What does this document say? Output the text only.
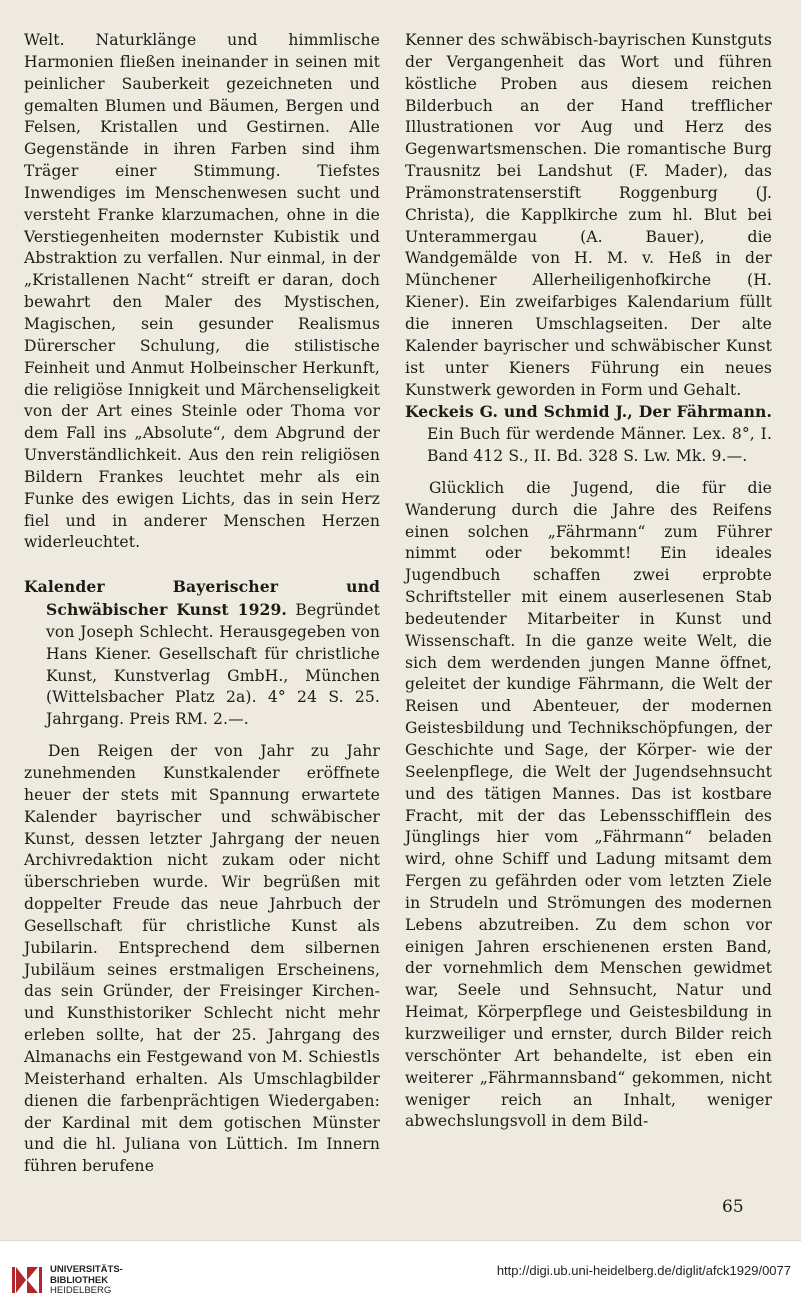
Welt. Naturklänge und himmlische Harmonien fließen ineinander in seinen mit peinlicher Sauberkeit gezeichneten und gemalten Blumen und Bäumen, Bergen und Felsen, Kristallen und Gestirnen. Alle Gegenstände in ihren Farben sind ihm Träger einer Stimmung. Tiefstes Inwendiges im Menschenwesen sucht und versteht Franke klarzumachen, ohne in die Verstiegenheiten modernster Kubistik und Abstraktion zu verfallen. Nur einmal, in der „Kristallenen Nacht“ streift er daran, doch bewahrt den Maler des Mystischen, Magischen, sein gesunder Realismus Dürerscher Schulung, die stilistische Feinheit und Anmut Holbeinscher Herkunft, die religiöse Innigkeit und Märchenseligkeit von der Art eines Steinle oder Thoma vor dem Fall ins „Absolute“, dem Abgrund der Unverständlichkeit. Aus den rein religiösen Bildern Frankes leuchtet mehr als ein Funke des ewigen Lichts, das in sein Herz fiel und in anderer Menschen Herzen widerleuchtet.

Kalender Bayerischer und Schwäbischer Kunst 1929. Begründet von Joseph Schlecht. Herausgegeben von Hans Kiener. Gesellschaft für christliche Kunst, Kunstverlag GmbH., München (Wittelsbacher Platz 2a). 4° 24 S. 25. Jahrgang. Preis RM. 2.—.

Den Reigen der von Jahr zu Jahr zunehmenden Kunstkalender eröffnete heuer der stets mit Spannung erwartete Kalender bayrischer und schwäbischer Kunst, dessen letzter Jahrgang der neuen Archivredaktion nicht zukam oder nicht überschrieben wurde. Wir begrüßen mit doppelter Freude das neue Jahrbuch der Gesellschaft für christliche Kunst als Jubilarin. Entsprechend dem silbernen Jubiläum seines erstmaligen Erscheinens, das sein Gründer, der Freisinger Kirchen- und Kunsthistoriker Schlecht nicht mehr erleben sollte, hat der 25. Jahrgang des Almanachs ein Festgewand von M. Schiestls Meisterhand erhalten. Als Umschlagbilder dienen die farbenprächtigen Wiedergaben: der Kardinal mit dem gotischen Münster und die hl. Juliana von Lüttich. Im Innern führen berufene

Kenner des schwäbisch-bayrischen Kunstguts der Vergangenheit das Wort und führen köstliche Proben aus diesem reichen Bilderbuch an der Hand trefflicher Illustrationen vor Aug und Herz des Gegenwartsmenschen. Die romantische Burg Trausnitz bei Landshut (F. Mader), das Prämonstratenserstift Roggenburg (J. Christa), die Kapplkirche zum hl. Blut bei Unterammergau (A. Bauer), die Wandgemälde von H. M. v. Heß in der Münchener Allerheiligenhofkirche (H. Kiener). Ein zweifarbiges Kalendarium füllt die inneren Umschlagseiten. Der alte Kalender bayrischer und schwäbischer Kunst ist unter Kieners Führung ein neues Kunstwerk geworden in Form und Gehalt.

Keckeis G. und Schmid J., Der Fährmann. Ein Buch für werdende Männer. Lex. 8°, I. Band 412 S., II. Bd. 328 S. Lw. Mk. 9.—.

Glücklich die Jugend, die für die Wanderung durch die Jahre des Reifens einen solchen „Fährmann“ zum Führer nimmt oder bekommt! Ein ideales Jugendbuch schaffen zwei erprobte Schriftsteller mit einem auserlesenen Stab bedeutender Mitarbeiter in Kunst und Wissenschaft. In die ganze weite Welt, die sich dem werdenden jungen Manne öffnet, geleitet der kundige Fährmann, die Welt der Reisen und Abenteuer, der modernen Geistesbildung und Technikschöpfungen, der Geschichte und Sage, der Körper- wie der Seelenpflege, die Welt der Jugendsehnsucht und des tätigen Mannes. Das ist kostbare Fracht, mit der das Lebensschifflein des Jünglings hier vom „Fährmann“ beladen wird, ohne Schiff und Ladung mitsamt dem Fergen zu gefährden oder vom letzten Ziele in Strudeln und Strömungen des modernen Lebens abzutreiben. Zu dem schon vor einigen Jahren erschienenen ersten Band, der vornehmlich dem Menschen gewidmet war, Seele und Sehnsucht, Natur und Heimat, Körperpflege und Geistesbildung in kurzweiliger und ernster, durch Bilder reich verschönter Art behandelte, ist eben ein weiterer „Fährmannsband“ gekommen, nicht weniger reich an Inhalt, weniger abwechslungsvoll in dem Bild-

65
UNIVERSITÄTS-
BIBLIOTHEK
HEIDELBERG
http://digi.ub.uni-heidelberg.de/diglit/afck1929/0077
